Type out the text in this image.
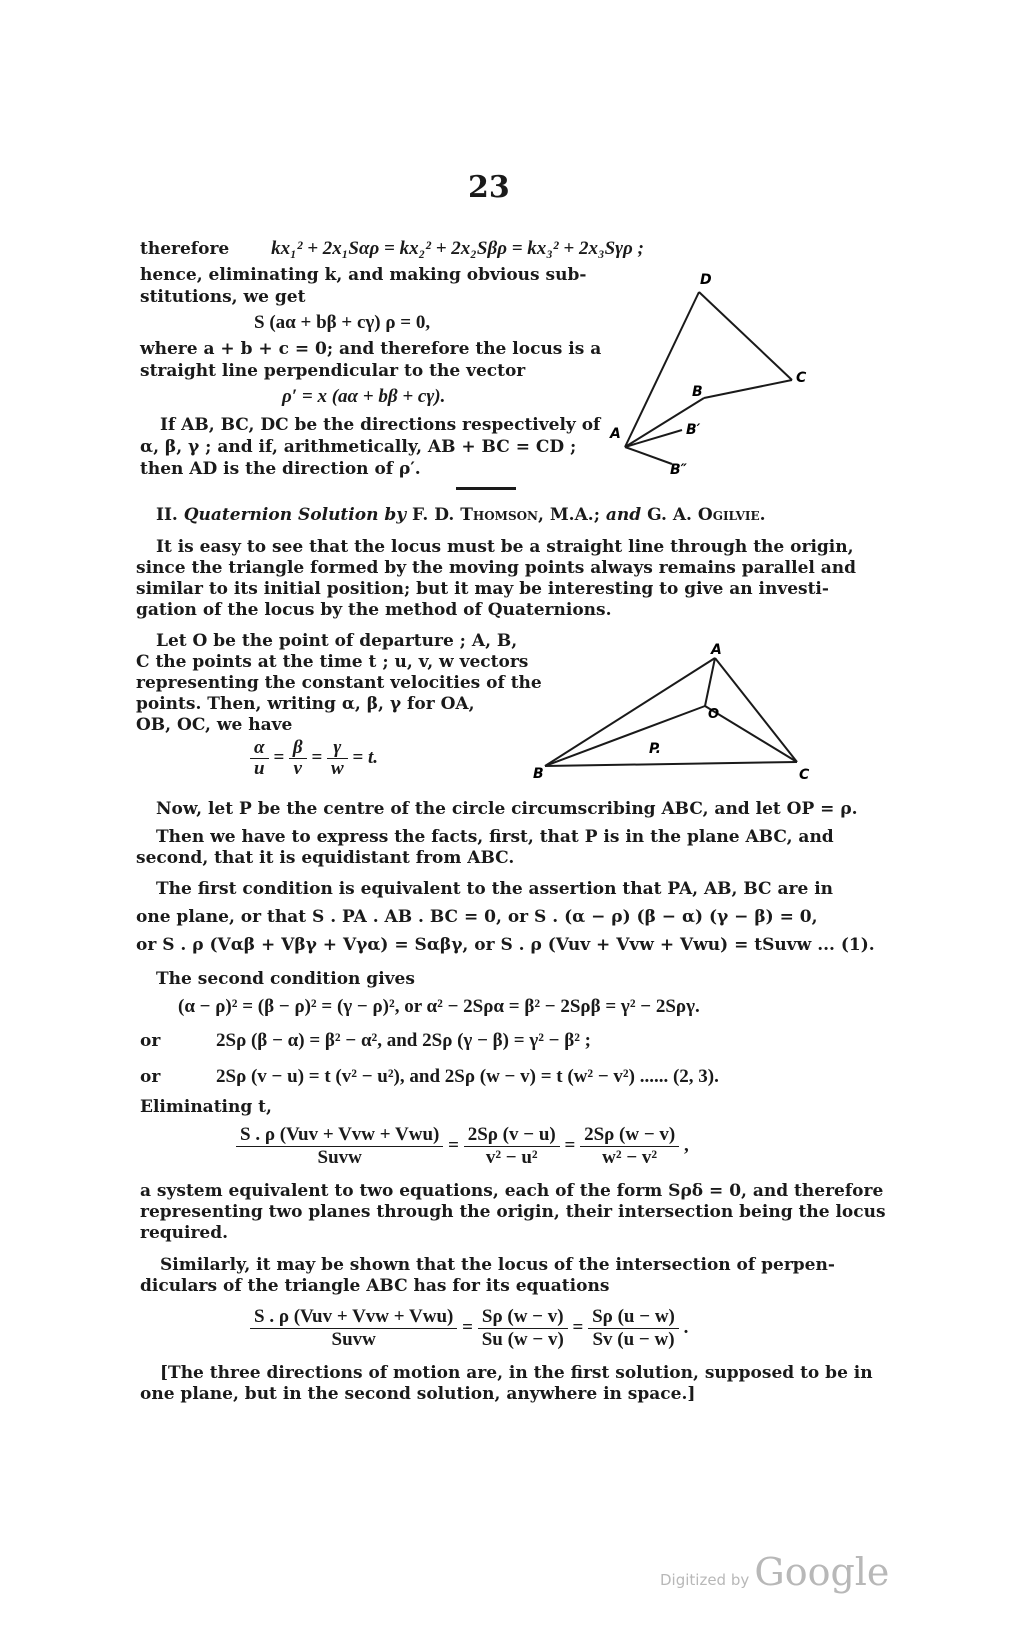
23
therefore kx₁² + 2x₁Sαρ = kx₂² + 2x₂Sβρ = kx₃² + 2x₃Sγρ ;
hence, eliminating k, and making obvious sub-
stitutions, we get
S (aα + bβ + cγ) ρ = 0,
where a + b + c = 0; and therefore the locus is a
straight line perpendicular to the vector
ρ′ = x (aα + bβ + cγ).
If AB, BC, DC be the directions respectively of
α, β, γ ; and if, arithmetically, AB + BC = CD ;
then AD is the direction of ρ′.
D
C
B
A	B′
B″
II. Quaternion Solution by F. D. Thomson, M.A.; and G. A. Ogilvie.
It is easy to see that the locus must be a straight line through the origin,
since the triangle formed by the moving points always remains parallel and
similar to its initial position; but it may be interesting to give an investi-
gation of the locus by the method of Quaternions.
Let O be the point of departure ; A, B,
C the points at the time t ; u, v, w vectors
representing the constant velocities of the
points. Then, writing α, β, γ for OA,
OB, OC, we have
$\frac{\alpha}{u} = \frac{\beta}{v} = \frac{\gamma}{w} = t$.
A
O
P.
B	C
Now, let P be the centre of the circle circumscribing ABC, and let OP = ρ.
Then we have to express the facts, first, that P is in the plane ABC, and
second, that it is equidistant from ABC.
The first condition is equivalent to the assertion that PA, AB, BC are in
one plane, or that S . PA . AB . BC = 0, or S . (α − ρ) (β − α) (γ − β) = 0,
or S . ρ (Vαβ + Vβγ + Vγα) = Sαβγ, or S . ρ (Vuv + Vvw + Vwu) = tSuvw ... (1).
The second condition gives
(α − ρ)² = (β − ρ)² = (γ − ρ)², or α² − 2Sρα = β² − 2Sρβ = γ² − 2Sργ.
or	2Sρ (β − α) = β² − α², and 2Sρ (γ − β) = γ² − β² ;
or	2Sρ (v − u) = t (v² − u²), and 2Sρ (w − v) = t (w² − v²) ...... (2, 3).
Eliminating t,
$\frac{\text{S . ρ (Vuv + Vvw + Vwu)}}{\text{Suvw}} = \frac{2S\rho (v - u)}{\text{v² − u²}} = \frac{2S\rho (w - v)}{\text{w² − v²}}$ ,
a system equivalent to two equations, each of the form Sρδ = 0, and therefore
representing two planes through the origin, their intersection being the locus
required.
Similarly, it may be shown that the locus of the intersection of perpen-
diculars of the triangle ABC has for its equations
$\frac{\text{S . ρ (Vuv + Vvw + Vwu)}}{\text{Suvw}} = \frac{S\rho (w - v)}{Su (w - v)} = \frac{S\rho (u - w)}{Sv (u - w)}$ .
[The three directions of motion are, in the first solution, supposed to be in
one plane, but in the second solution, anywhere in space.]
Digitized by Google
